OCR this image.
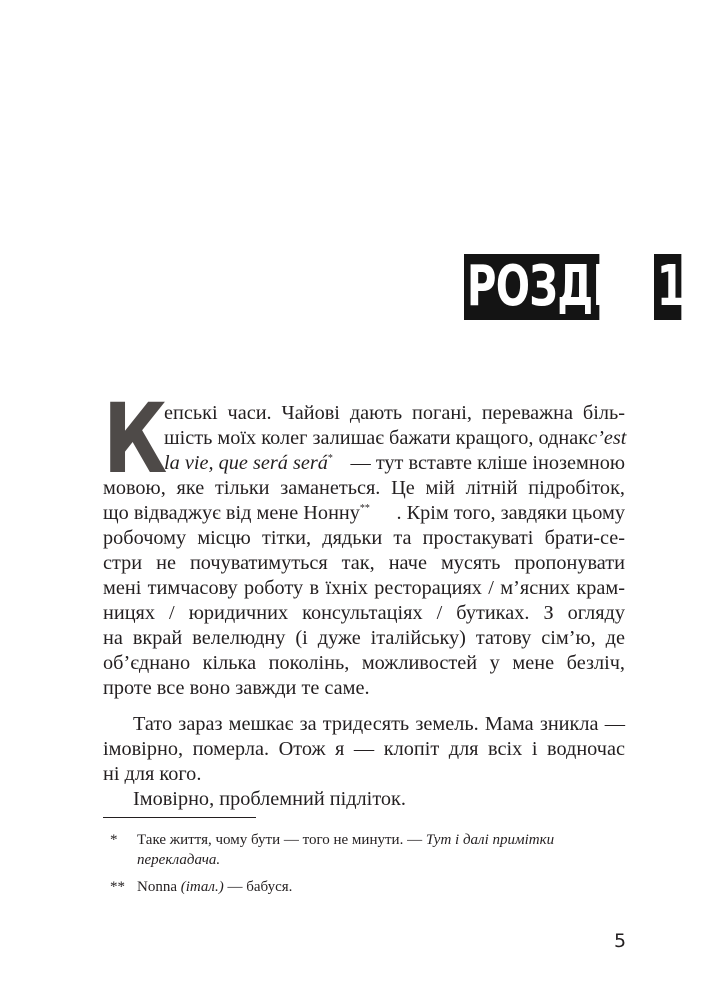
РОЗДІЛ 1
К
епські часи. Чайові дають погані, переважна біль-
шість моїх колег залишає бажати кращого, однак c’est
la vie, que será será* — тут вставте кліше іноземною
мовою, яке тільки заманеться. Це мій літній підробіток,
що відваджує від мене Нонну** . Крім того, завдяки цьому
робочому місцю тітки, дядьки та простакуваті брати-се-
стри не почуватимуться так, наче мусять пропонувати
мені тимчасову роботу в їхніх ресторациях / м’ясних крам-
ницях / юридичних консультаціях / бутиках. З огляду
на вкрай велелюдну (і дуже італійську) татову сім’ю, де
об’єднано кілька поколінь, можливостей у мене безліч,
проте все воно завжди те саме.
Тато зараз мешкає за тридесять земель. Мама зникла —
імовірно, померла. Отож я — клопіт для всіх і водночас
ні для кого.
Імовірно, проблемний підліток.
* Таке життя, чому бути — того не минути. — Тут і далі примітки
перекладача.
** Nonna (італ.) — бабуся.
5
